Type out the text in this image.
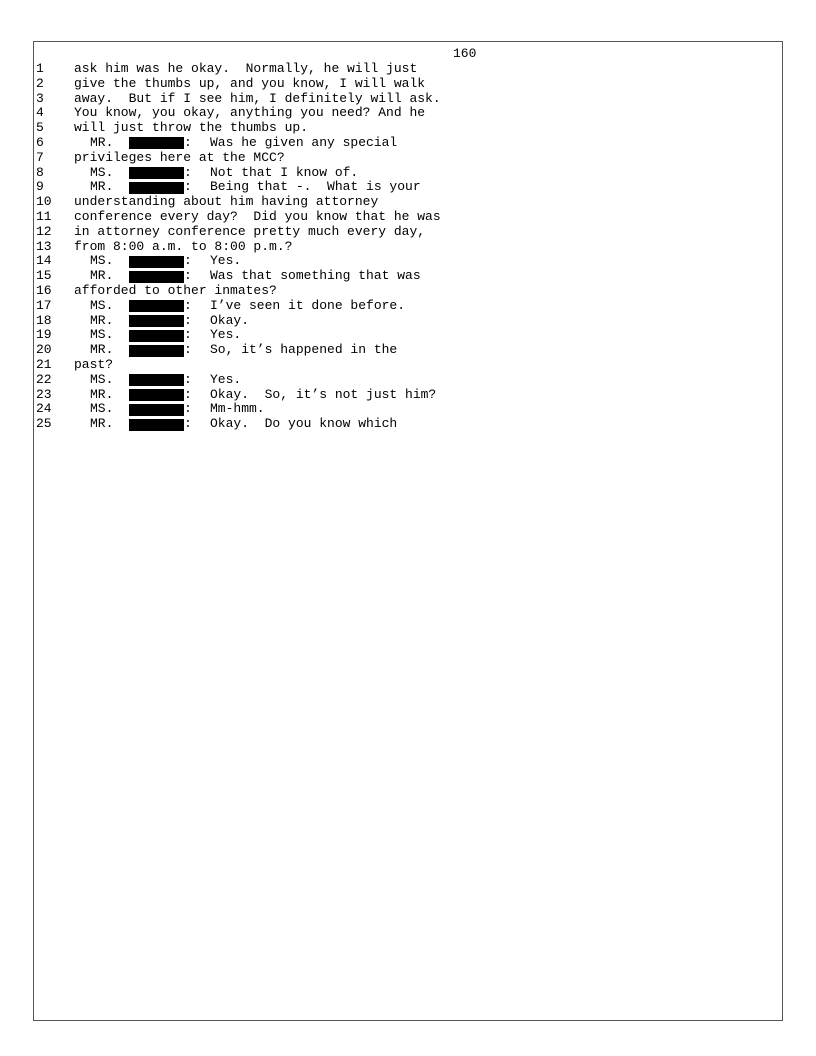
160
1	ask him was he okay.  Normally, he will just
2	give the thumbs up, and you know, I will walk
3	away.  But if I see him, I definitely will ask.
4	You know, you okay, anything you need? And he
5	will just throw the thumbs up.
6	MR.	:	Was he given any special
7	privileges here at the MCC?
8	MS.	:	Not that I know of.
9	MR.	:	Being that -.  What is your
10	understanding about him having attorney
11	conference every day?  Did you know that he was
12	in attorney conference pretty much every day,
13	from 8:00 a.m. to 8:00 p.m.?
14	MS.	:	Yes.
15	MR.	:	Was that something that was
16	afforded to other inmates?
17	MS.	:	I’ve seen it done before.
18	MR.	:	Okay.
19	MS.	:	Yes.
20	MR.	:	So, it’s happened in the
21	past?
22	MS.	:	Yes.
23	MR.	:	Okay.  So, it’s not just him?
24	MS.	:	Mm-hmm.
25	MR.	:	Okay.  Do you know which
